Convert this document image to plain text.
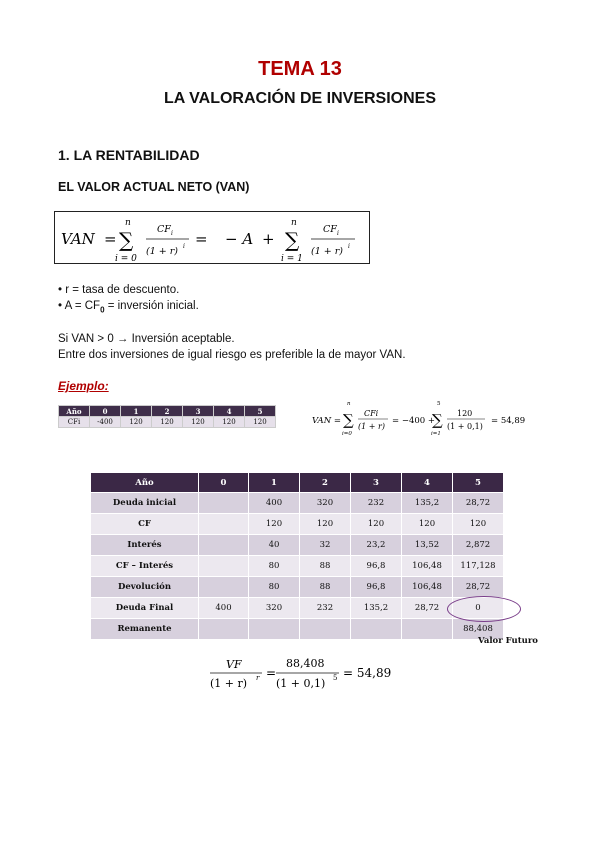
TEMA 13
LA VALORACIÓN DE INVERSIONES
1. LA RENTABILIDAD
EL VALOR ACTUAL NETO (VAN)
VAN =
n
∑
i = 0
CF i
(1 + r) i = − A +
n
∑
i = 1
CF i
(1 + r) i
• r = tasa de descuento.
• $A = CF_0$ = inversión inicial.
Si VAN > 0 → Inversión aceptable.
Entre dos inversiones de igual riesgo es preferible la de mayor VAN.
Ejemplo:
Año	0	1	2	3	4	5
CFi	-400	120	120	120	120	120	VAN =
n
∑
i=0
CFi
(1 + r)
= −400 +
5
∑
i=1
120
(1 + 0,1)
= 54,89
Año	0	1	2	3	4	5
Deuda inicial		400	320	232	135,2	28,72
CF		120	120	120	120	120
Interés		40	32	23,2	13,52	2,872
CF – Interés		80	88	96,8	106,48	117,128
Devolución		80	88	96,8	106,48	28,72
Deuda Final	400	320	232	135,2	28,72	0
Remanente						88,408
Valor Futuro
VF
(1 + r) r =
88,408
(1 + 0,1) 5 = 54,89
